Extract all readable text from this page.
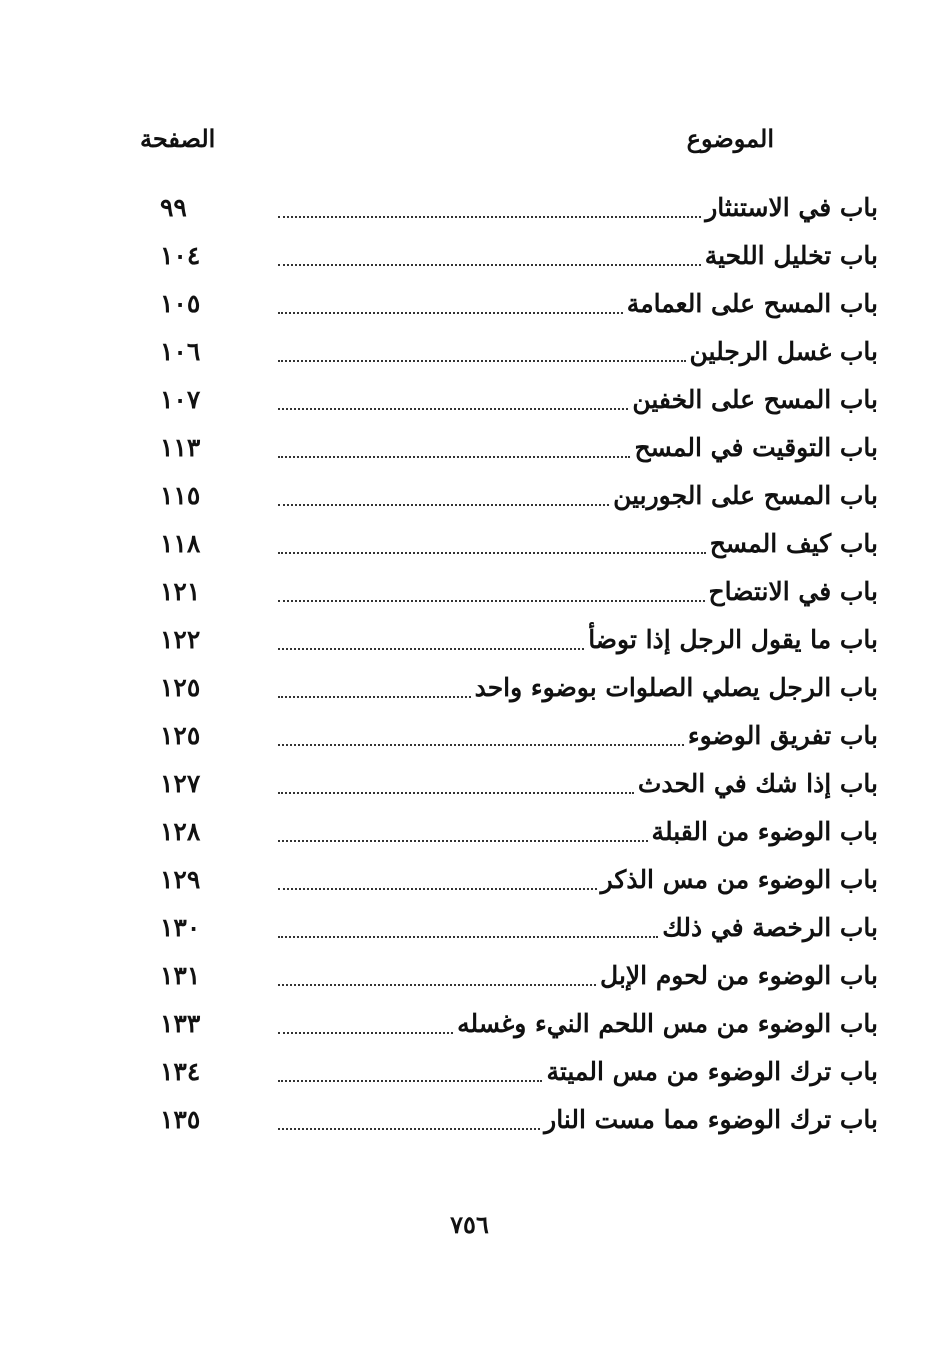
الموضوع
الصفحة
باب في الاستنثار
٩٩
باب تخليل اللحية
١٠٤
باب المسح على العمامة
١٠٥
باب غسل الرجلين
١٠٦
باب المسح على الخفين
١٠٧
باب التوقيت في المسح
١١٣
باب المسح على الجوربين
١١٥
باب كيف المسح
١١٨
باب في الانتضاح
١٢١
باب ما يقول الرجل إذا توضأ
١٢٢
باب الرجل يصلي الصلوات بوضوء واحد
١٢٥
باب تفريق الوضوء
١٢٥
باب إذا شك في الحدث
١٢٧
باب الوضوء من القبلة
١٢٨
باب الوضوء من مس الذكر
١٢٩
باب الرخصة في ذلك
١٣٠
باب الوضوء من لحوم الإبل
١٣١
باب الوضوء من مس اللحم النيء وغسله
١٣٣
باب ترك الوضوء من مس الميتة
١٣٤
باب ترك الوضوء مما مست النار
١٣٥
٧٥٦
